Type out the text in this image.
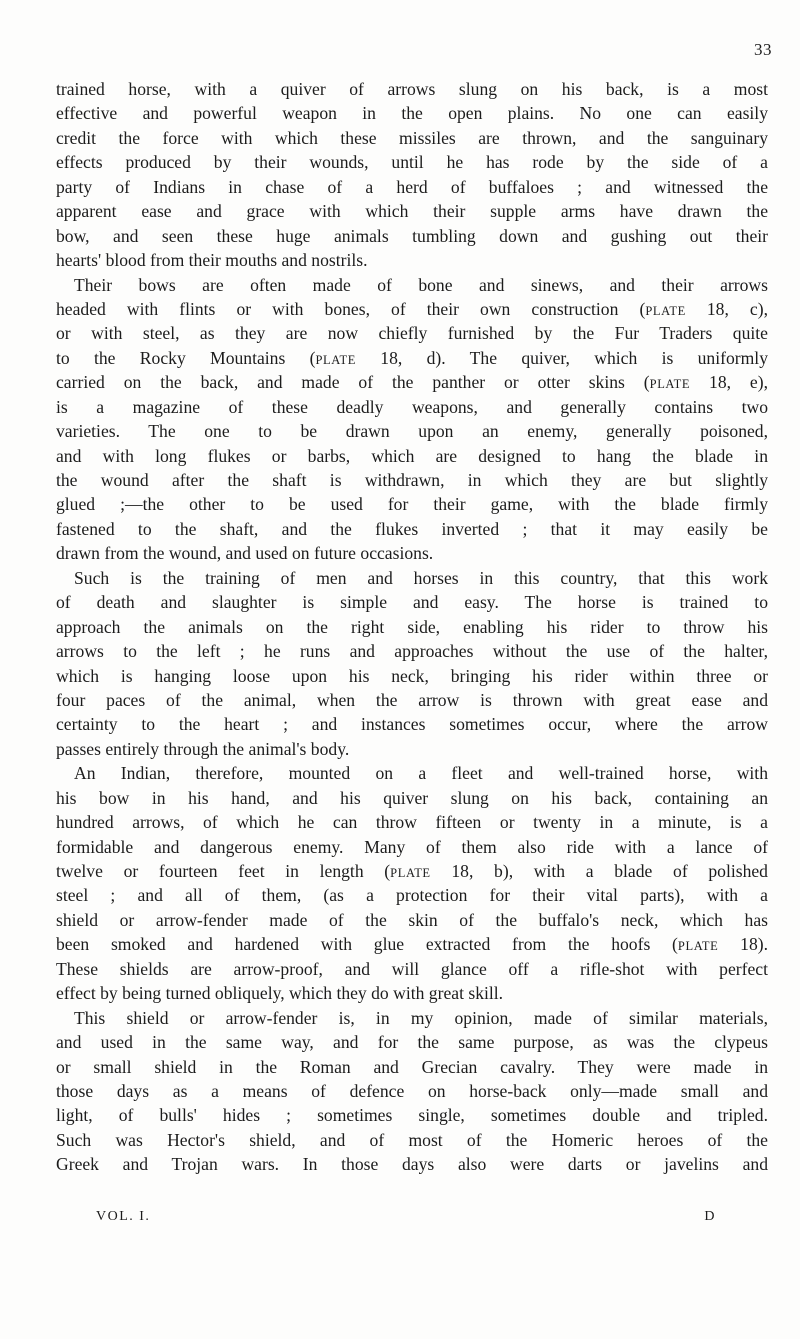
33
trained horse, with a quiver of arrows slung on his back, is a most
effective and powerful weapon in the open plains. No one can easily
credit the force with which these missiles are thrown, and the sanguinary
effects produced by their wounds, until he has rode by the side of a
party of Indians in chase of a herd of buffaloes ; and witnessed the
apparent ease and grace with which their supple arms have drawn the
bow, and seen these huge animals tumbling down and gushing out their
hearts' blood from their mouths and nostrils.
Their bows are often made of bone and sinews, and their arrows
headed with flints or with bones, of their own construction (PLATE 18, c),
or with steel, as they are now chiefly furnished by the Fur Traders quite
to the Rocky Mountains (PLATE 18, d). The quiver, which is uniformly
carried on the back, and made of the panther or otter skins (PLATE 18, e),
is a magazine of these deadly weapons, and generally contains two
varieties. The one to be drawn upon an enemy, generally poisoned,
and with long flukes or barbs, which are designed to hang the blade in
the wound after the shaft is withdrawn, in which they are but slightly
glued ;—the other to be used for their game, with the blade firmly
fastened to the shaft, and the flukes inverted ; that it may easily be
drawn from the wound, and used on future occasions.
Such is the training of men and horses in this country, that this work
of death and slaughter is simple and easy. The horse is trained to
approach the animals on the right side, enabling his rider to throw his
arrows to the left ; he runs and approaches without the use of the halter,
which is hanging loose upon his neck, bringing his rider within three or
four paces of the animal, when the arrow is thrown with great ease and
certainty to the heart ; and instances sometimes occur, where the arrow
passes entirely through the animal's body.
An Indian, therefore, mounted on a fleet and well-trained horse, with
his bow in his hand, and his quiver slung on his back, containing an
hundred arrows, of which he can throw fifteen or twenty in a minute, is a
formidable and dangerous enemy. Many of them also ride with a lance of
twelve or fourteen feet in length (PLATE 18, b), with a blade of polished
steel ; and all of them, (as a protection for their vital parts), with a
shield or arrow-fender made of the skin of the buffalo's neck, which has
been smoked and hardened with glue extracted from the hoofs (PLATE 18).
These shields are arrow-proof, and will glance off a rifle-shot with perfect
effect by being turned obliquely, which they do with great skill.
This shield or arrow-fender is, in my opinion, made of similar materials,
and used in the same way, and for the same purpose, as was the clypeus
or small shield in the Roman and Grecian cavalry. They were made in
those days as a means of defence on horse-back only—made small and
light, of bulls' hides ; sometimes single, sometimes double and tripled.
Such was Hector's shield, and of most of the Homeric heroes of the
Greek and Trojan wars. In those days also were darts or javelins and
VOL. I.	D
